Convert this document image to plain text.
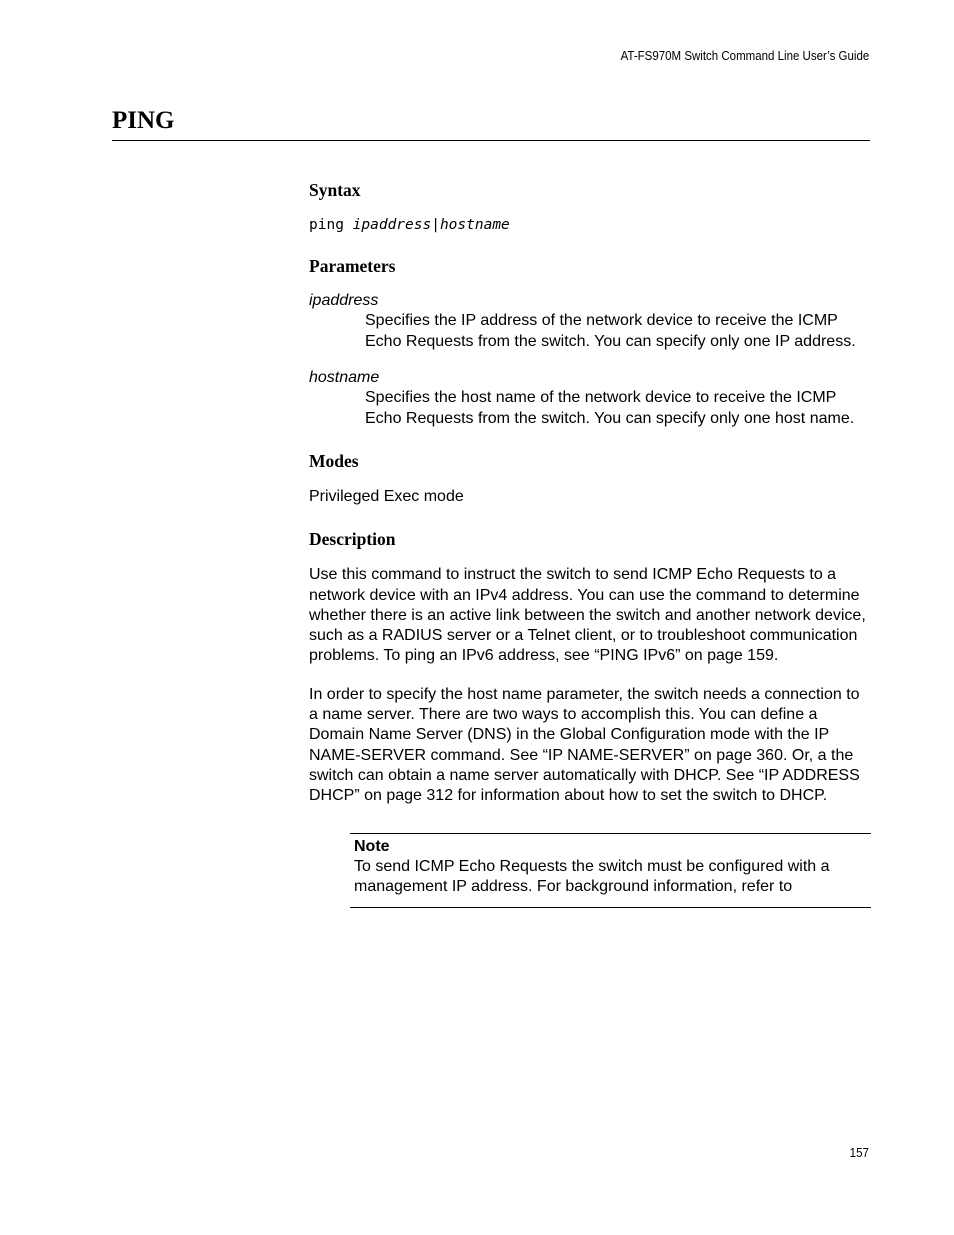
AT-FS970M Switch Command Line User’s Guide
PING
Syntax
ping ipaddress|hostname
Parameters

ipaddress

Specifies the IP address of the network device to receive the ICMP Echo Requests from the switch. You can specify only one IP address.

hostname

Specifies the host name of the network device to receive the ICMP Echo Requests from the switch. You can specify only one host name.

Modes

Privileged Exec mode

Description

Use this command to instruct the switch to send ICMP Echo Requests to a network device with an IPv4 address. You can use the command to determine whether there is an active link between the switch and another network device, such as a RADIUS server or a Telnet client, or to troubleshoot communication problems. To ping an IPv6 address, see “PING IPv6” on page 159.

In order to specify the host name parameter, the switch needs a connection to a name server. There are two ways to accomplish this. You can define a Domain Name Server (DNS) in the Global Configuration mode with the IP NAME-SERVER command. See “IP NAME-SERVER” on page 360. Or, a the switch can obtain a name server automatically with DHCP. See “IP ADDRESS DHCP” on page 312 for information about how to set the switch to DHCP.

Note

To send ICMP Echo Requests the switch must be configured with a management IP address. For background information, refer to

157
